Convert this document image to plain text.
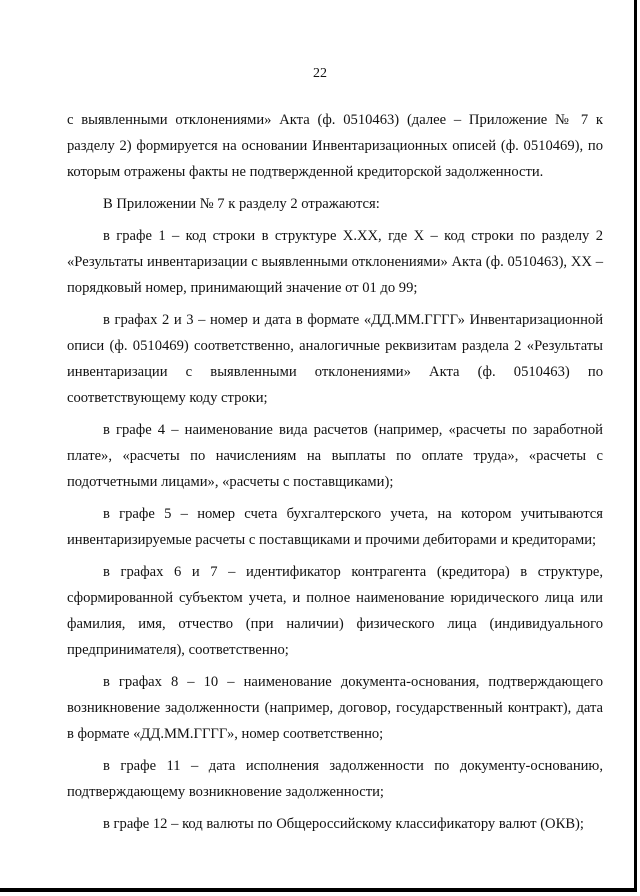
22

с выявленными отклонениями» Акта (ф. 0510463) (далее – Приложение № 7 к разделу 2) формируется на основании Инвентаризационных описей (ф. 0510469), по которым отражены факты не подтвержденной кредиторской задолженности.

В Приложении № 7 к разделу 2 отражаются:

в графе 1 – код строки в структуре X.XX, где X – код строки по разделу 2 «Результаты инвентаризации с выявленными отклонениями» Акта (ф. 0510463), XX – порядковый номер, принимающий значение от 01 до 99;

в графах 2 и 3 – номер и дата в формате «ДД.ММ.ГГГГ» Инвентаризационной описи (ф. 0510469) соответственно, аналогичные реквизитам раздела 2 «Результаты инвентаризации с выявленными отклонениями» Акта (ф. 0510463) по соответствующему коду строки;

в графе 4 – наименование вида расчетов (например, «расчеты по заработной плате», «расчеты по начислениям на выплаты по оплате труда», «расчеты с подотчетными лицами», «расчеты с поставщиками);

в графе 5 – номер счета бухгалтерского учета, на котором учитываются инвентаризируемые расчеты с поставщиками и прочими дебиторами и кредиторами;

в графах 6 и 7 – идентификатор контрагента (кредитора) в структуре, сформированной субъектом учета, и полное наименование юридического лица или фамилия, имя, отчество (при наличии) физического лица (индивидуального предпринимателя), соответственно;

в графах 8 – 10 – наименование документа-основания, подтверждающего возникновение задолженности (например, договор, государственный контракт), дата в формате «ДД.ММ.ГГГГ», номер соответственно;

в графе 11 – дата исполнения задолженности по документу-основанию, подтверждающему возникновение задолженности;

в графе 12 – код валюты по Общероссийскому классификатору валют (ОКВ);
